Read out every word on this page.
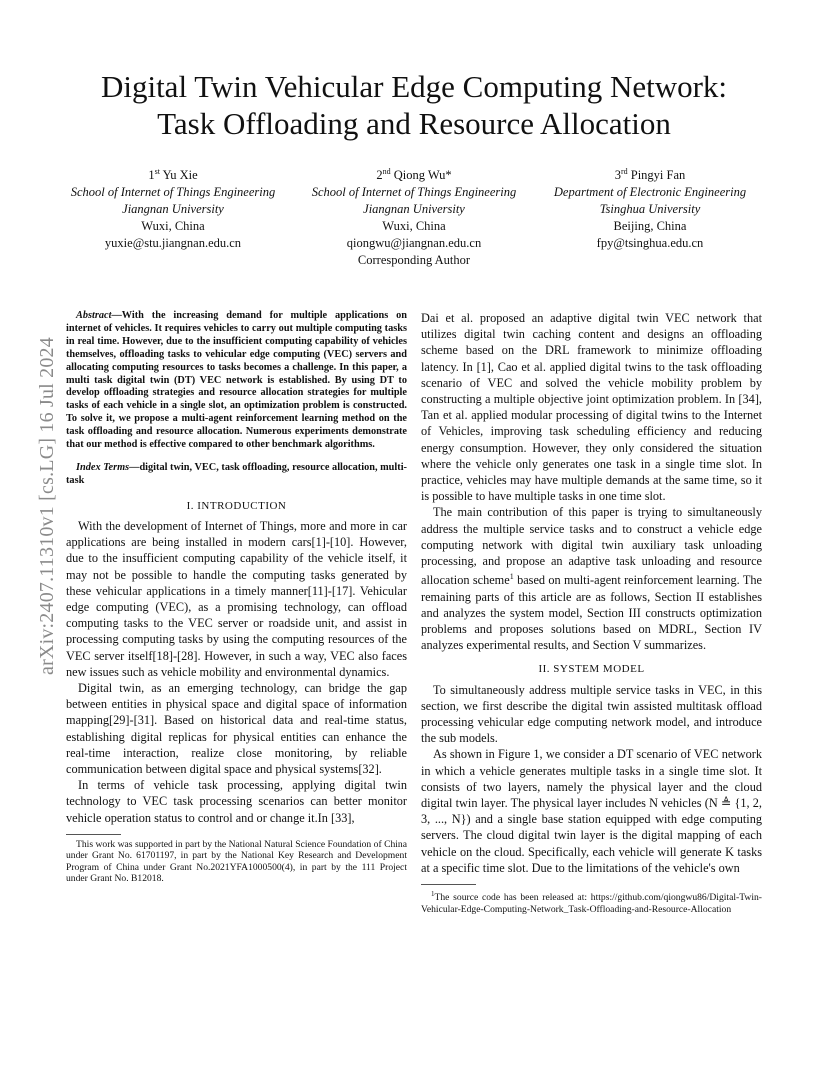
arXiv:2407.11310v1 [cs.LG] 16 Jul 2024
Digital Twin Vehicular Edge Computing Network:
Task Offloading and Resource Allocation
1st Yu Xie
School of Internet of Things Engineering
Jiangnan University
Wuxi, China
yuxie@stu.jiangnan.edu.cn
2nd Qiong Wu*
School of Internet of Things Engineering
Jiangnan University
Wuxi, China
qiongwu@jiangnan.edu.cn
Corresponding Author
3rd Pingyi Fan
Department of Electronic Engineering
Tsinghua University
Beijing, China
fpy@tsinghua.edu.cn

Abstract—With the increasing demand for multiple applications on internet of vehicles. It requires vehicles to carry out multiple computing tasks in real time. However, due to the insufficient computing capability of vehicles themselves, offloading tasks to vehicular edge computing (VEC) servers and allocating computing resources to tasks becomes a challenge. In this paper, a multi task digital twin (DT) VEC network is established. By using DT to develop offloading strategies and resource allocation strategies for multiple tasks of each vehicle in a single slot, an optimization problem is constructed. To solve it, we propose a multi-agent reinforcement learning method on the task offloading and resource allocation. Numerous experiments demonstrate that our method is effective compared to other benchmark algorithms.

Index Terms—digital twin, VEC, task offloading, resource allocation, multi-task

I. INTRODUCTION

With the development of Internet of Things, more and more in car applications are being installed in modern cars[1]-[10]. However, due to the insufficient computing capability of the vehicle itself, it may not be possible to handle the computing tasks generated by these vehicular applications in a timely manner[11]-[17]. Vehicular edge computing (VEC), as a promising technology, can offload computing tasks to the VEC server or roadside unit, and assist in processing computing tasks by using the computing resources of the VEC server itself[18]-[28]. However, in such a way, VEC also faces new issues such as vehicle mobility and environmental dynamics.

Digital twin, as an emerging technology, can bridge the gap between entities in physical space and digital space of information mapping[29]-[31]. Based on historical data and real-time status, establishing digital replicas for physical entities can enhance the real-time interaction, realize close monitoring, by reliable communication between digital space and physical systems[32].

In terms of vehicle task processing, applying digital twin technology to VEC task processing scenarios can better monitor vehicle operation status to control and or change it.In [33],

This work was supported in part by the National Natural Science Foundation of China under Grant No. 61701197, in part by the National Key Research and Development Program of China under Grant No.2021YFA1000500(4), in part by the 111 Project under Grant No. B12018.

Dai et al. proposed an adaptive digital twin VEC network that utilizes digital twin caching content and designs an offloading scheme based on the DRL framework to minimize offloading latency. In [1], Cao et al. applied digital twins to the task offloading scenario of VEC and solved the vehicle mobility problem by constructing a multiple objective joint optimization problem. In [34], Tan et al. applied modular processing of digital twins to the Internet of Vehicles, improving task scheduling efficiency and reducing energy consumption. However, they only considered the situation where the vehicle only generates one task in a single time slot. In practice, vehicles may have multiple demands at the same time, so it is possible to have multiple tasks in one time slot.

The main contribution of this paper is trying to simultaneously address the multiple service tasks and to construct a vehicle edge computing network with digital twin auxiliary task unloading processing, and propose an adaptive task unloading and resource allocation scheme$^1$ based on multi-agent reinforcement learning. The remaining parts of this article are as follows, Section II establishes and analyzes the system model, Section III constructs optimization problems and proposes solutions based on MDRL, Section IV analyzes experimental results, and Section V summarizes.

II. SYSTEM MODEL

To simultaneously address multiple service tasks in VEC, in this section, we first describe the digital twin assisted multitask offload processing vehicular edge computing network model, and introduce the sub models.

As shown in Figure 1, we consider a DT scenario of VEC network in which a vehicle generates multiple tasks in a single time slot. It consists of two layers, namely the physical layer and the cloud digital twin layer. The physical layer includes N vehicles (N ≜ {1, 2, 3, ..., N}) and a single base station equipped with edge computing servers. The cloud digital twin layer is the digital mapping of each vehicle on the cloud. Specifically, each vehicle will generate K tasks at a specific time slot. Due to the limitations of the vehicle's own

$^1$The source code has been released at: https://github.com/qiongwu86/Digital-Twin-Vehicular-Edge-Computing-Network_Task-Offloading-and-Resource-Allocation
